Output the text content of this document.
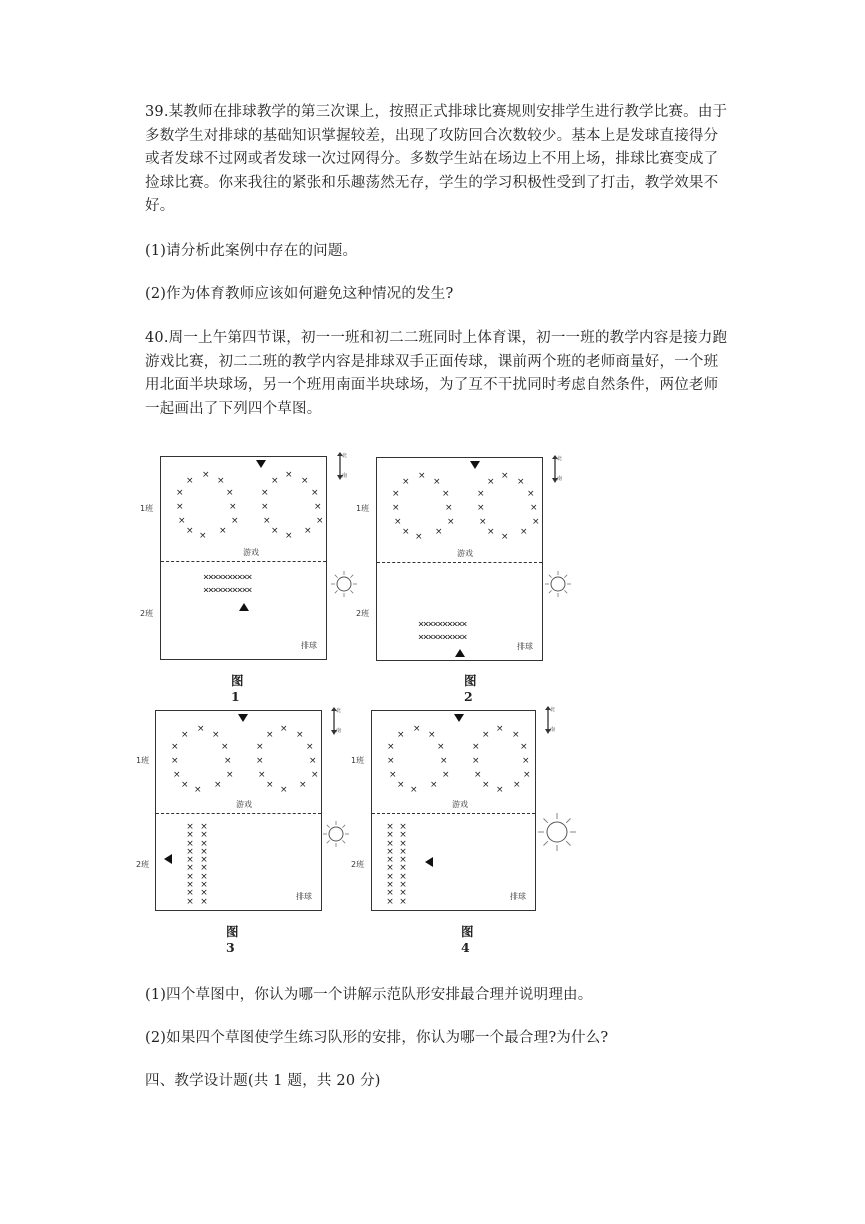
39.某教师在排球教学的第三次课上，按照正式排球比赛规则安排学生进行教学比赛。由于
多数学生对排球的基础知识掌握较差，出现了攻防回合次数较少。基本上是发球直接得分
或者发球不过网或者发球一次过网得分。多数学生站在场边上不用上场，排球比赛变成了
捡球比赛。你来我往的紧张和乐趣荡然无存，学生的学习积极性受到了打击，教学效果不
好。
(1)请分析此案例中存在的问题。
(2)作为体育教师应该如何避免这种情况的发生?
40.周一上午第四节课，初一一班和初二二班同时上体育课，初一一班的教学内容是接力跑
游戏比赛，初二二班的教学内容是排球双手正面传球，课前两个班的老师商量好，一个班
用北面半块球场，另一个班用南面半块球场，为了互不干扰同时考虑自然条件，两位老师
一起画出了下列四个草图。
1班
2班
×
×	×
×	×
×	×
×	×
× × ×
×
× ×
×	×
×	×
×	×
× × ×
游戏
××××××××××
××××××××××
排球
北
南
图 1
1班
2班
×
×	×
×	×
×	×
×	×
× × ×
×
× ×
×	×
×	×
×	×
× × ×
游戏
××××××××××
××××××××××
排球
北
南
图 2
1班
2班
×
×	×
×	×
×	×
×	×
× × ×
×
× ×
×	×
×	×
×	×
× × ×
游戏
×
×
×
×
×
×
×
×
×
×
×
×
×
×
×
×
×
×
×
×
排球
北
南
图 3
1班
2班
×
×	×
×	×
×	×
×	×
× × ×
×
× ×
×	×
×	×
×	×
× × ×
游戏
×
×
×
×
×
×
×
×
×
×
×
×
×
×
×
×
×
×
×
×
排球
北
南
图 4
(1)四个草图中，你认为哪一个讲解示范队形安排最合理并说明理由。
(2)如果四个草图使学生练习队形的安排，你认为哪一个最合理?为什么?
四、教学设计题(共 1 题，共 20 分)
